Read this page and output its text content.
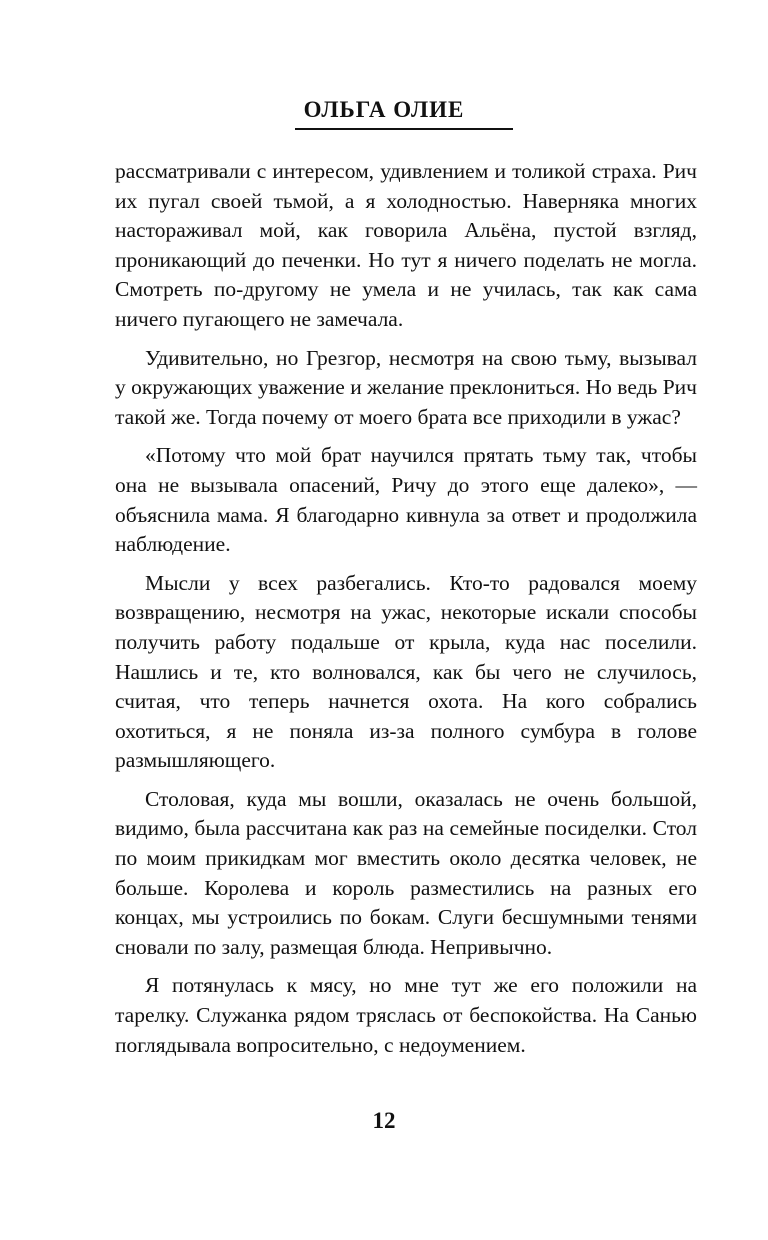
ОЛЬГА ОЛИЕ

рассматривали с интересом, удивлением и толикой страха. Рич их пугал своей тьмой, а я холодностью. Наверняка многих настораживал мой, как говорила Альёна, пустой взгляд, проникающий до печенки. Но тут я ничего поделать не могла. Смотреть по-другому не умела и не училась, так как сама ничего пугающего не замечала.

Удивительно, но Грезгор, несмотря на свою тьму, вызывал у окружающих уважение и желание преклониться. Но ведь Рич такой же. Тогда почему от моего брата все приходили в ужас?

«Потому что мой брат научился прятать тьму так, чтобы она не вызывала опасений, Ричу до этого еще далеко», — объяснила мама. Я благодарно кивнула за ответ и продолжила наблюдение.

Мысли у всех разбегались. Кто-то радовался моему возвращению, несмотря на ужас, некоторые искали способы получить работу подальше от крыла, куда нас поселили. Нашлись и те, кто волновался, как бы чего не случилось, считая, что теперь начнется охота. На кого собрались охотиться, я не поняла из-за полного сумбура в голове размышляющего.

Столовая, куда мы вошли, оказалась не очень большой, видимо, была рассчитана как раз на семейные посиделки. Стол по моим прикидкам мог вместить около десятка человек, не больше. Королева и король разместились на разных его концах, мы устроились по бокам. Слуги бесшумными тенями сновали по залу, размещая блюда. Непривычно.

Я потянулась к мясу, но мне тут же его положили на тарелку. Служанка рядом тряслась от беспокойства. На Санью поглядывала вопросительно, с недоумением.

12
